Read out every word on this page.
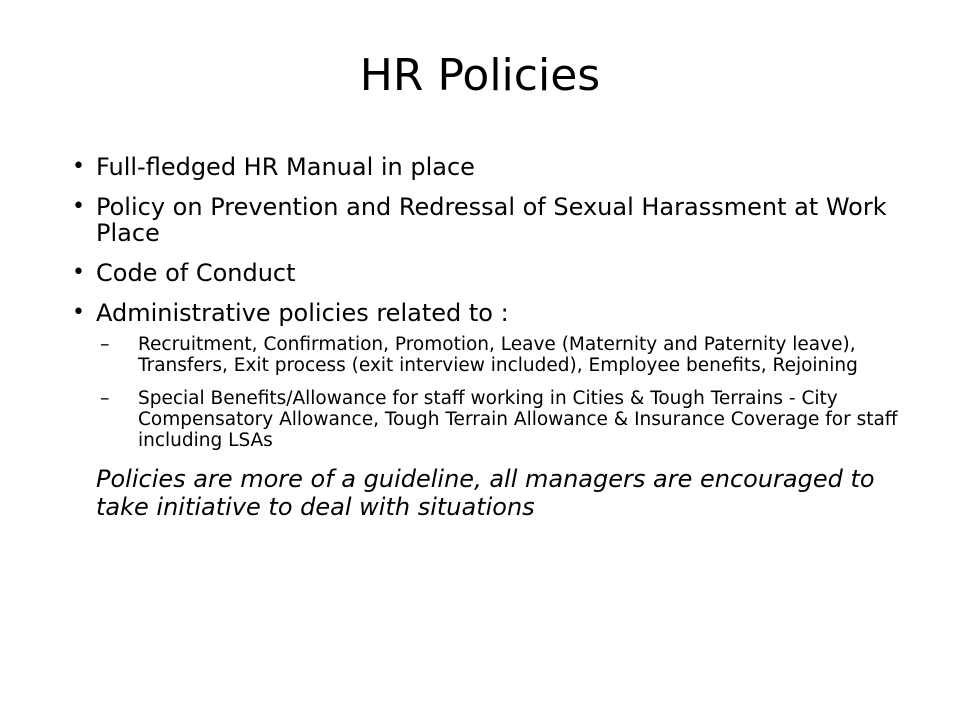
HR Policies
• Full-fledged HR Manual in place
• Policy on Prevention and Redressal of Sexual Harassment at Work Place
• Code of Conduct
• Administrative policies related to :
– Recruitment, Confirmation, Promotion, Leave (Maternity and Paternity leave), Transfers, Exit process (exit interview included), Employee benefits, Rejoining
– Special Benefits/Allowance for staff working in Cities & Tough Terrains - City Compensatory Allowance, Tough Terrain Allowance & Insurance Coverage for staff including LSAs
Policies are more of a guideline, all managers are encouraged to take initiative to deal with situations
